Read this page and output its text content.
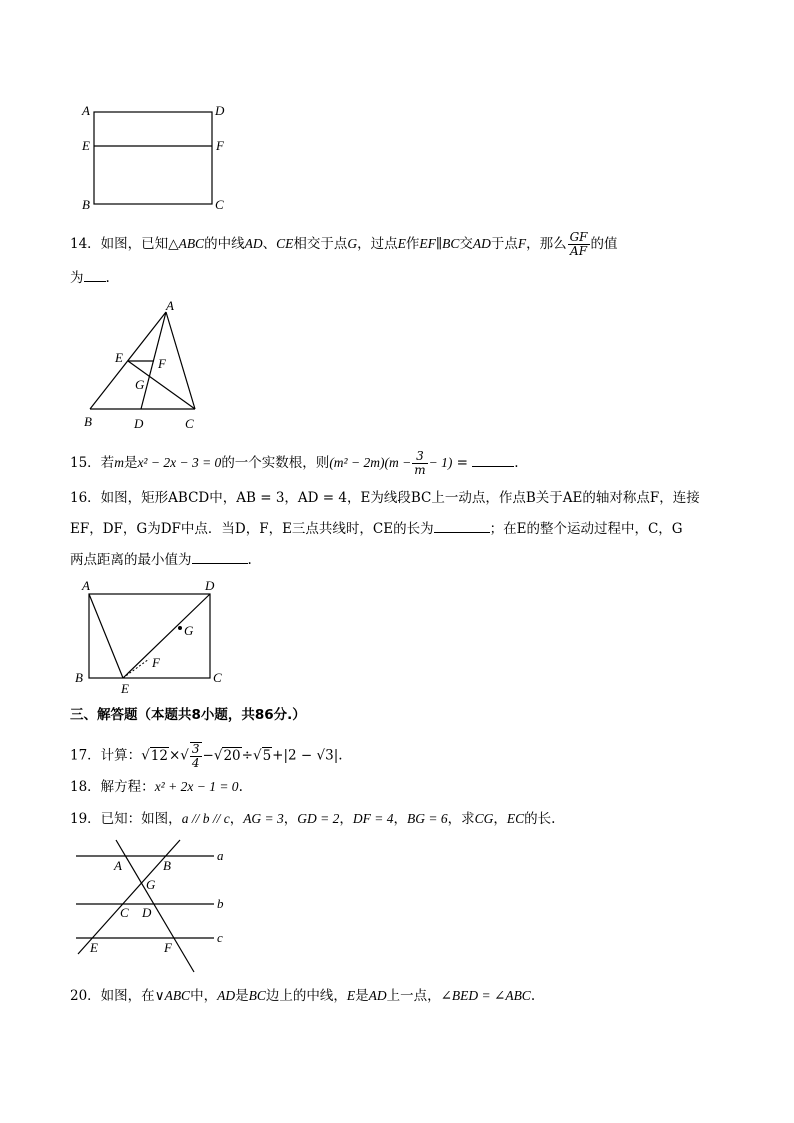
A	D
E	F
B	C
14．如图，已知△ABC的中线AD、CE相交于点G，过点E作EF∥BC交AD于点F，那么 $\frac{GF}{AF}$ 的值
为 .
A
E	F
G
B	D	C
15．若m是x² − 2x − 3 = 0的一个实数根，则$(m^2 - 2m)(m - \frac{3}{m} - 1)$ =	.
16．如图，矩形ABCD中，AB = 3，AD = 4，E为线段BC上一动点，作点B关于AE的轴对称点F，连接
EF，DF，G为DF中点．当D，F，E三点共线时，CE的长为	；在E的整个运动过程中，C，G
两点距离的最小值为	.
A	D
G
F
B
E
C
三、解答题（本题共8小题，共86分.）
17．计算：$√12\times√ \frac{3}{4} -√20\div√5+|2 - √3|$.
18．解方程：x² + 2x − 1 = 0.
19．已知：如图，a // b // c，AG = 3，GD = 2，DF = 4，BG = 6，求CG，EC的长.
a
b
c
A	B
G
C D
E	F
20．如图，在∨ABC中，AD是BC边上的中线，E是AD上一点，∠BED = ∠ABC.
